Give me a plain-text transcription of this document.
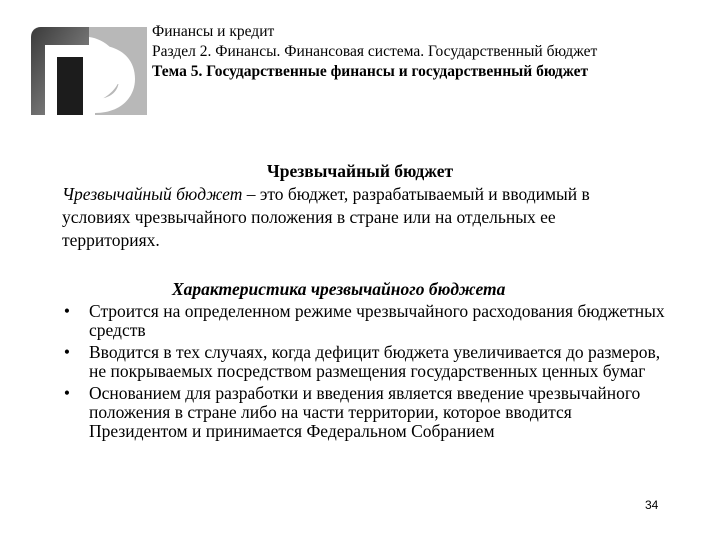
Финансы и кредит
Раздел 2. Финансы. Финансовая система. Государственный бюджет
Тема 5. Государственные финансы и государственный бюджет
Чрезвычайный бюджет
Чрезвычайный бюджет – это бюджет, разрабатываемый и вводимый в условиях чрезвычайного положения в стране или на отдельных ее территориях.
Характеристика чрезвычайного бюджета
• Строится на определенном режиме чрезвычайного расходования бюджетных средств
• Вводится в тех случаях, когда дефицит бюджета увеличивается до размеров, не покрываемых посредством размещения государственных ценных бумаг
• Основанием для разработки и введения является введение чрезвычайного положения в стране либо на части территории, которое вводится Президентом и принимается Федеральном Собранием
34
